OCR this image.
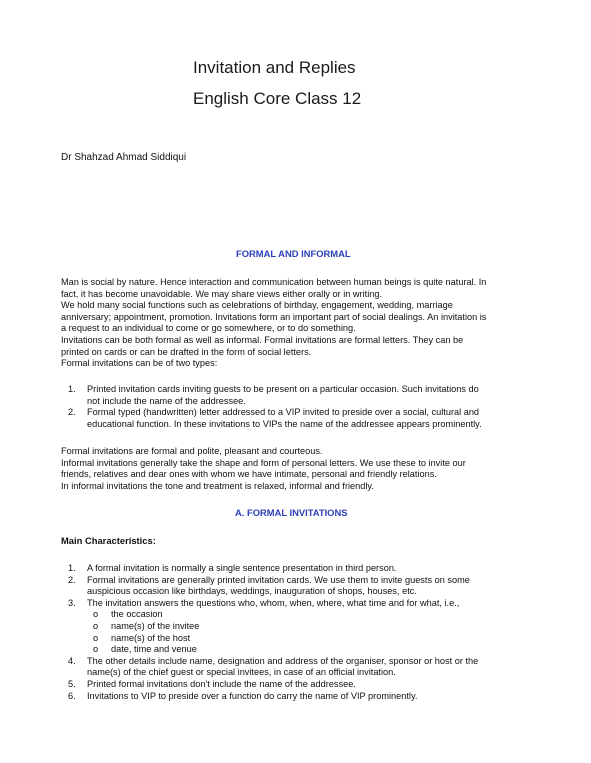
Invitation and Replies
English Core Class 12
Dr Shahzad Ahmad Siddiqui
FORMAL AND INFORMAL
Man is social by nature. Hence interaction and communication between human beings is quite natural. In
fact, it has become unavoidable. We may share views either orally or in writing.
We hold many social functions such as celebrations of birthday, engagement, wedding, marriage
anniversary; appointment, promotion. Invitations form an important part of social dealings. An invitation is
a request to an individual to come or go somewhere, or to do something.
Invitations can be both formal as well as informal. Formal invitations are formal letters. They can be
printed on cards or can be drafted in the form of social letters.
Formal invitations can be of two types:
1. Printed invitation cards inviting guests to be present on a particular occasion. Such invitations do
not include the name of the addressee.
2. Formal typed (handwritten) letter addressed to a VIP invited to preside over a social, cultural and
educational function. In these invitations to VIPs the name of the addressee appears prominently.
Formal invitations are formal and polite, pleasant and courteous.
Informal invitations generally take the shape and form of personal letters. We use these to invite our
friends, relatives and dear ones with whom we have intimate, personal and friendly relations.
In informal invitations the tone and treatment is relaxed, informal and friendly.
A. FORMAL INVITATIONS
Main Characteristics:
1. A formal invitation is normally a single sentence presentation in third person.
2. Formal invitations are generally printed invitation cards. We use them to invite guests on some
auspicious occasion like birthdays, weddings, inauguration of shops, houses, etc.
3. The invitation answers the questions who, whom, when, where, what time and for what, i.e.,
o the occasion
o name(s) of the invitee
o name(s) of the host
o date, time and venue
4. The other details include name, designation and address of the organiser, sponsor or host or the
name(s) of the chief guest or special invitees, in case of an official invitation.
5. Printed formal invitations don't include the name of the addressee.
6. Invitations to VIP to preside over a function do carry the name of VIP prominently.
